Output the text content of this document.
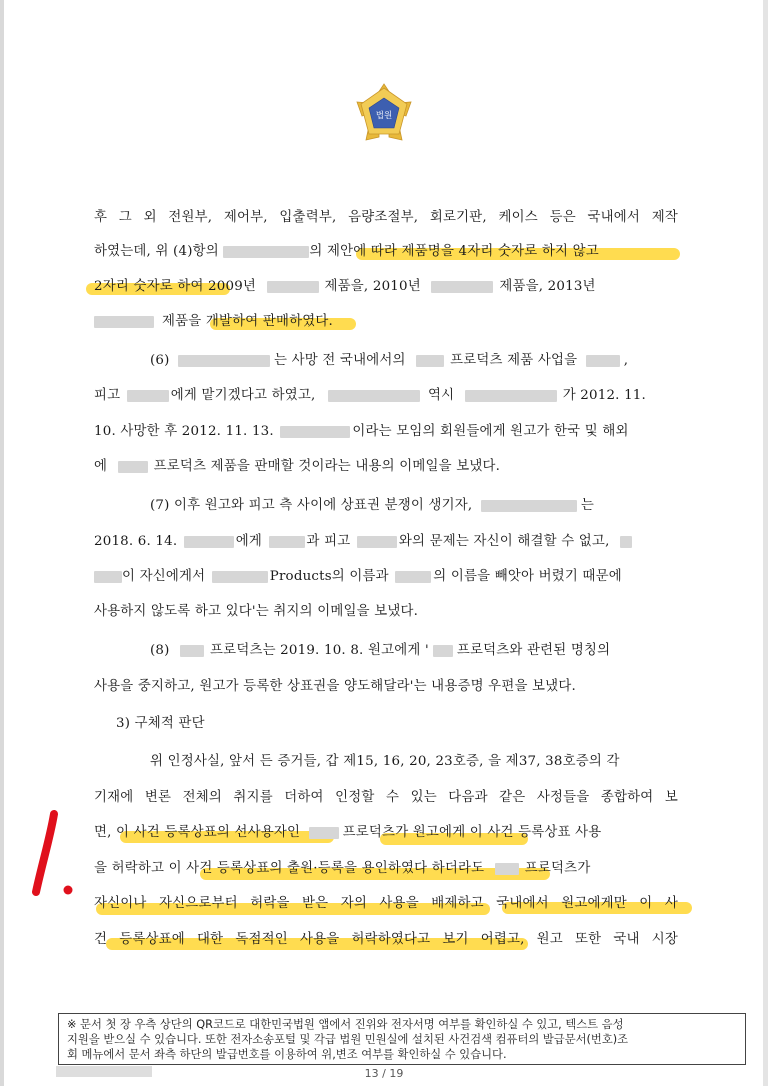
법원
후 그 외 전원부, 제어부, 입출력부, 음량조절부, 회로기판, 케이스 등은 국내에서 제작
하였는데, 위 (4)항의	의 제안에 따라 제품명을 4자리 숫자로 하지 않고
2자리 숫자로 하여 2009년	제품을, 2010년	제품을, 2013년
제품을 개발하여 판매하였다.
(6)	는 사망 전 국내에서의	프로덕츠 제품 사업을	,
피고	에게 맡기겠다고 하였고,	역시	가 2012. 11.
10. 사망한 후 2012. 11. 13.	이라는 모임의 회원들에게 원고가 한국 및 해외
에	프로덕츠 제품을 판매할 것이라는 내용의 이메일을 보냈다.
(7) 이후 원고와 피고 측 사이에 상표권 분쟁이 생기자,	는
2018. 6. 14.	에게	과 피고	와의 문제는 자신이 해결할 수 없고,
이 자신에게서	Products의 이름과	의 이름을 빼앗아 버렸기 때문에
사용하지 않도록 하고 있다'는 취지의 이메일을 보냈다.
(8)	프로덕츠는 2019. 10. 8. 원고에게 ' 프로덕츠와 관련된 명칭의
사용을 중지하고, 원고가 등록한 상표권을 양도해달라'는 내용증명 우편을 보냈다.
3) 구체적 판단
위 인정사실, 앞서 든 증거들, 갑 제15, 16, 20, 23호증, 을 제37, 38호증의 각
기재에 변론 전체의 취지를 더하여 인정할 수 있는 다음과 같은 사정들을 종합하여 보
면, 이 사건 등록상표의 선사용자인	프로덕츠가 원고에게 이 사건 등록상표 사용
을 허락하고 이 사건 등록상표의 출원·등록을 용인하였다 하더라도	프로덕츠가
자신이나 자신으로부터 허락을 받은 자의 사용을 배제하고 국내에서 원고에게만 이 사
건 등록상표에 대한 독점적인 사용을 허락하였다고 보기 어렵고, 원고 또한 국내 시장
※ 문서 첫 장 우측 상단의 QR코드로 대한민국법원 앱에서 진위와 전자서명 여부를 확인하실 수 있고, 텍스트 음성
지원을 받으실 수 있습니다. 또한 전자소송포털 및 각급 법원 민원실에 설치된 사건검색 컴퓨터의 발급문서(번호)조
회 메뉴에서 문서 좌측 하단의 발급번호를 이용하여 위,변조 여부를 확인하실 수 있습니다.
13 / 19
